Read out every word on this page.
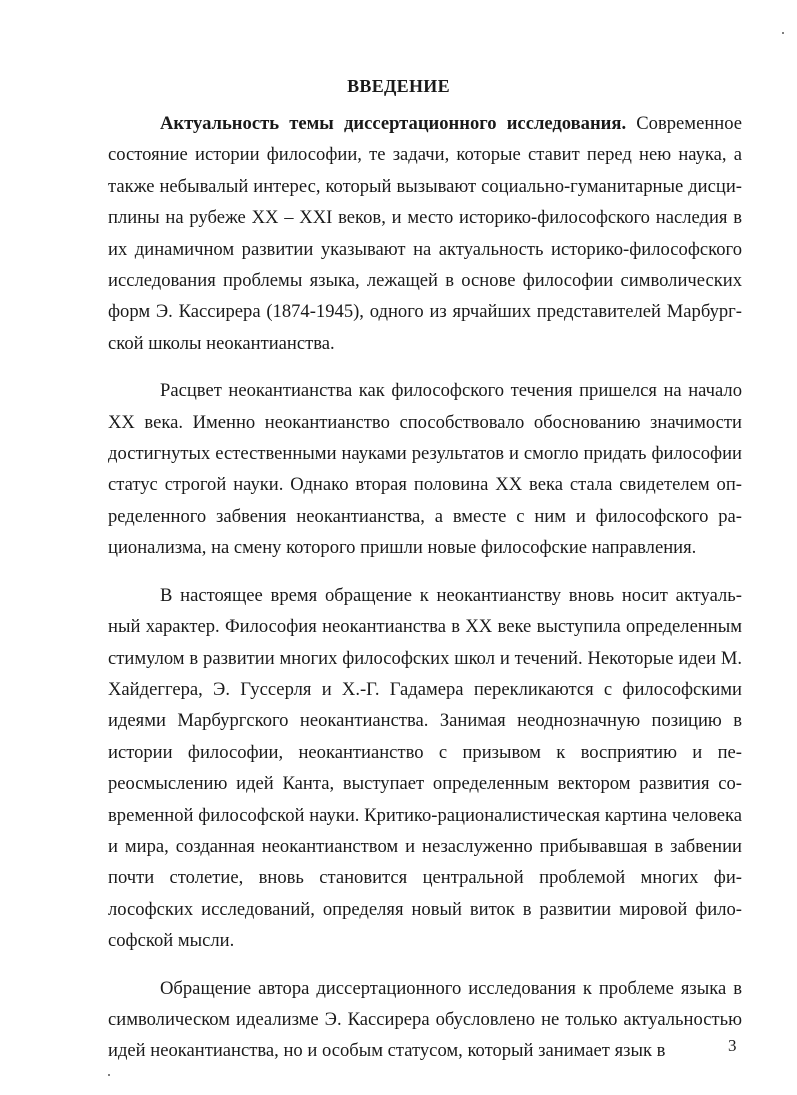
ВВЕДЕНИЕ

Актуальность темы диссертационного исследования. Современное состояние истории философии, те задачи, которые ставит перед нею наука, а также небывалый интерес, который вызывают социально-гуманитарные дисциплины на рубеже XX – XXI веков, и место историко-философского наследия в их динамичном развитии указывают на актуальность историко-философского исследования проблемы языка, лежащей в основе философии символических форм Э. Кассирера (1874-1945), одного из ярчайших представителей Марбургской школы неокантианства.

Расцвет неокантианства как философского течения пришелся на начало XX века. Именно неокантианство способствовало обоснованию значимости достигнутых естественными науками результатов и смогло придать философии статус строгой науки. Однако вторая половина XX века стала свидетелем определенного забвения неокантианства, а вместе с ним и философского рационализма, на смену которого пришли новые философские направления.

В настоящее время обращение к неокантианству вновь носит актуальный характер. Философия неокантианства в XX веке выступила определенным стимулом в развитии многих философских школ и течений. Некоторые идеи М. Хайдеггера, Э. Гуссерля и Х.-Г. Гадамера перекликаются с философскими идеями Марбургского неокантианства. Занимая неоднозначную позицию в истории философии, неокантианство с призывом к восприятию и переосмыслению идей Канта, выступает определенным вектором развития современной философской науки. Критико-рационалистическая картина человека и мира, созданная неокантианством и незаслуженно прибывавшая в забвении почти столетие, вновь становится центральной проблемой многих философских исследований, определяя новый виток в развитии мировой философской мысли.

Обращение автора диссертационного исследования к проблеме языка в символическом идеализме Э. Кассирера обусловлено не только актуальностью идей неокантианства, но и особым статусом, который занимает язык в	3
